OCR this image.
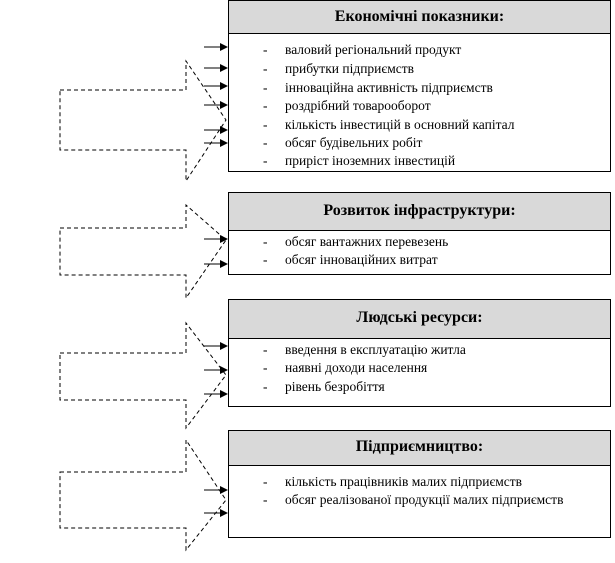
Економічні показники:
- валовий регіональний продукт
- прибутки підприємств
- інноваційна активність підприємств
- роздрібний товарооборот
- кількість інвестицій в основний капітал
- обсяг будівельних робіт
- приріст іноземних інвестицій
Розвиток інфраструктури:
- обсяг вантажних перевезень
- обсяг інноваційних витрат
Людські ресурси:
- введення в експлуатацію житла
- наявні доходи населення
- рівень безробіття
Підприємництво:
- кількість працівників малих підприємств
- обсяг реалізованої продукції малих підприємств
